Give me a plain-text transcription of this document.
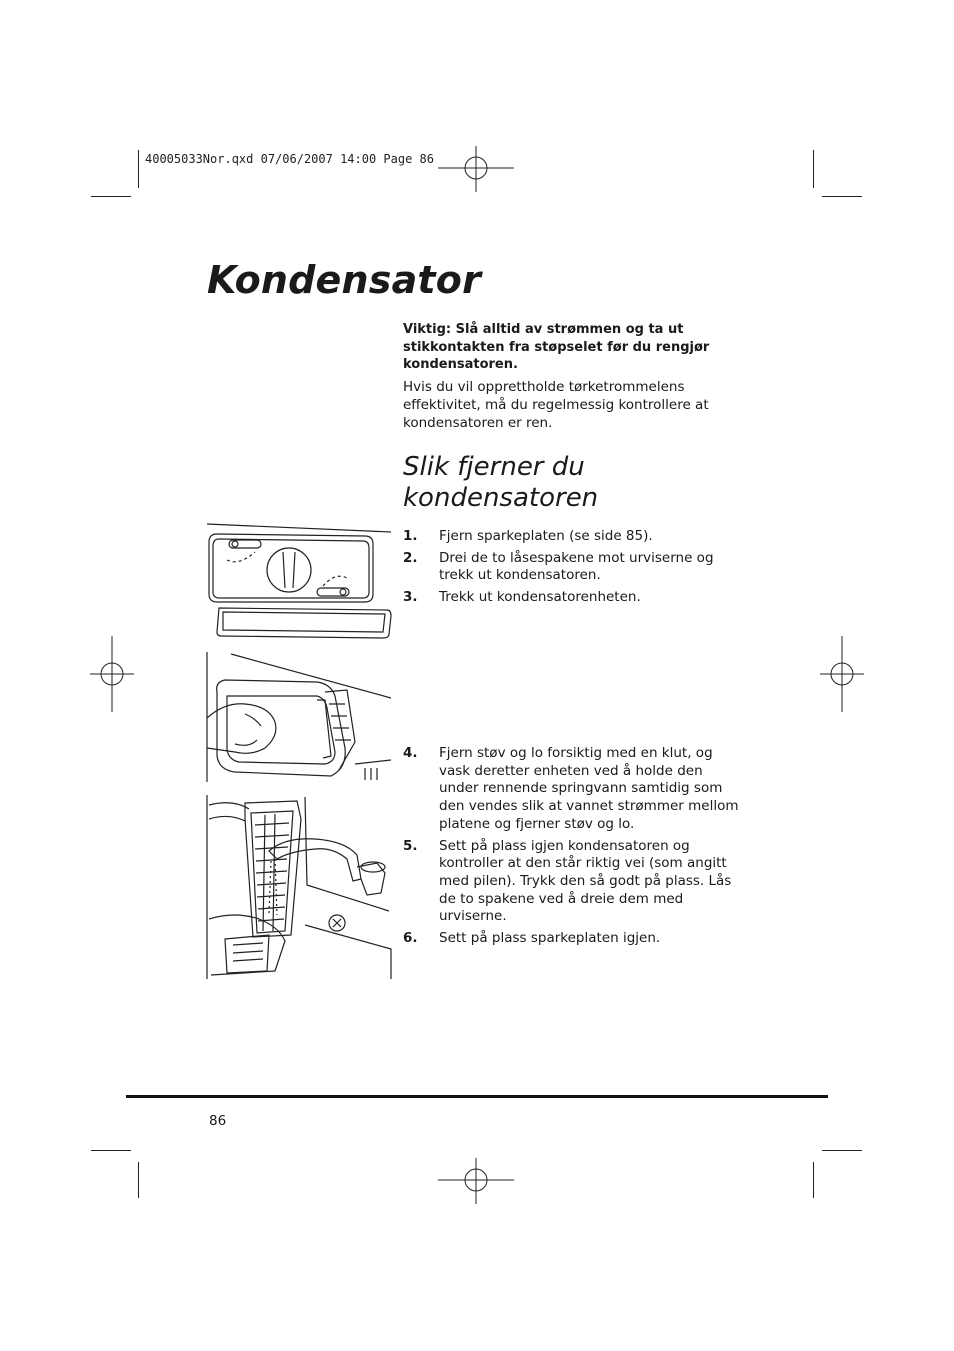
40005033Nor.qxd 07/06/2007 14:00 Page 86
Kondensator

Viktig: Slå alltid av strømmen og ta ut stikkontakten fra støpselet før du rengjør kondensatoren.

Hvis du vil opprettholde tørketrommelens effektivitet, må du regelmessig kontrollere at kondensatoren er ren.

Slik fjerner du kondensatoren
1. Fjern sparkeplaten (se side 85).
2. Drei de to låsespakene mot urviserne og trekk ut kondensatoren.
3. Trekk ut kondensatorenheten.
4. Fjern støv og lo forsiktig med en klut, og vask deretter enheten ved å holde den under rennende springvann samtidig som den vendes slik at vannet strømmer mellom platene og fjerner støv og lo.
5. Sett på plass igjen kondensatoren og kontroller at den står riktig vei (som angitt med pilen). Trykk den så godt på plass. Lås de to spakene ved å dreie dem med urviserne.
6. Sett på plass sparkeplaten igjen.
86
